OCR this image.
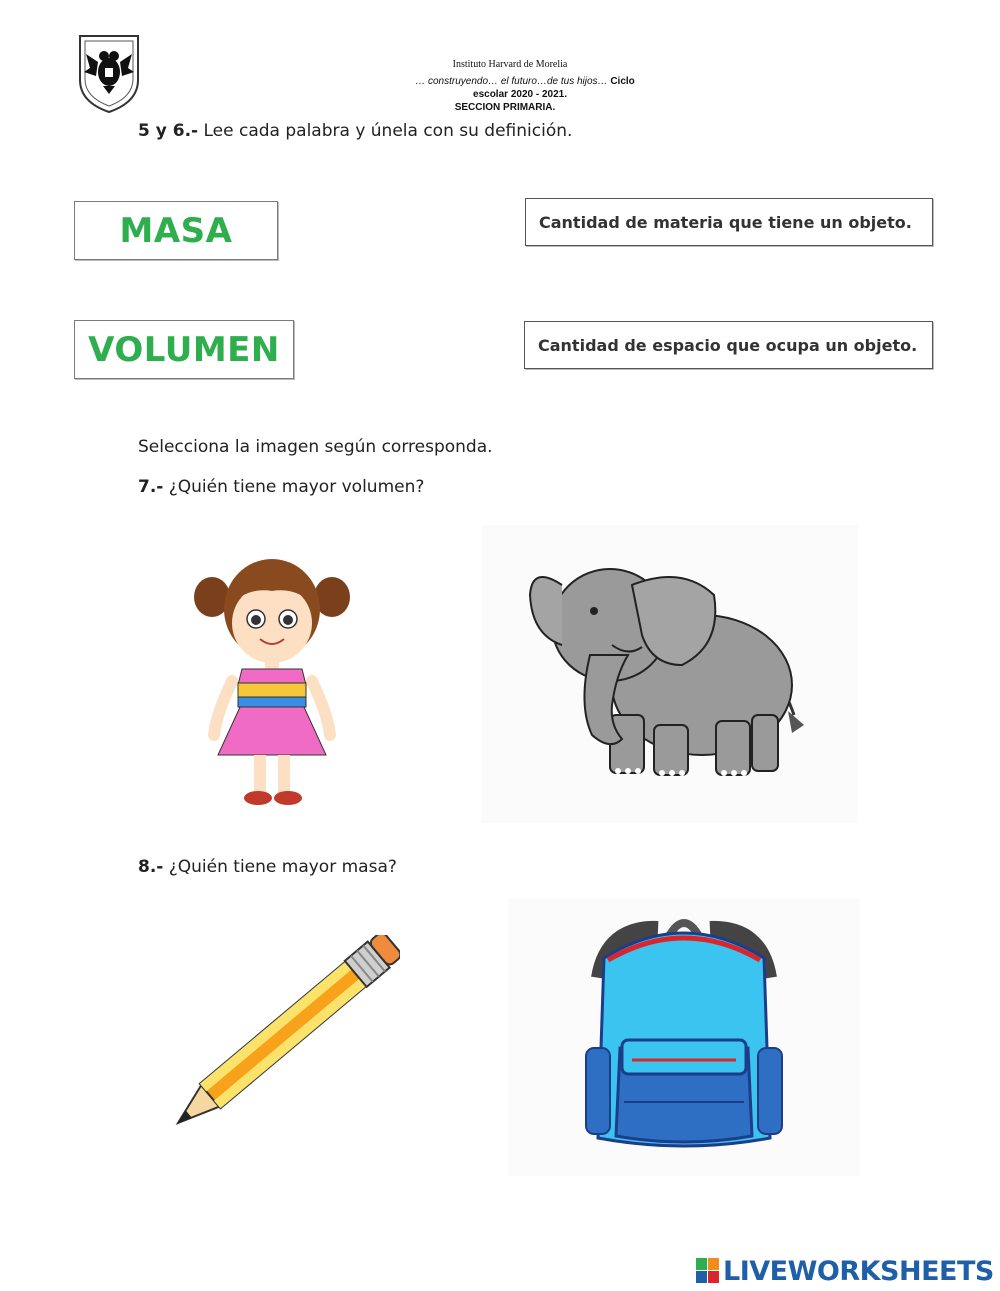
Instituto Harvard de Morelia
… construyendo… el futuro…de tus hijos… Ciclo
escolar 2020 - 2021.
SECCION PRIMARIA.
5 y 6.- Lee cada palabra y únela con su definición.
MASA
VOLUMEN
Cantidad de materia que tiene un objeto.
Cantidad de espacio que ocupa un objeto.
Selecciona la imagen según corresponda.
7.- ¿Quién tiene mayor volumen?
8.- ¿Quién tiene mayor masa?
LIVEWORKSHEETS
